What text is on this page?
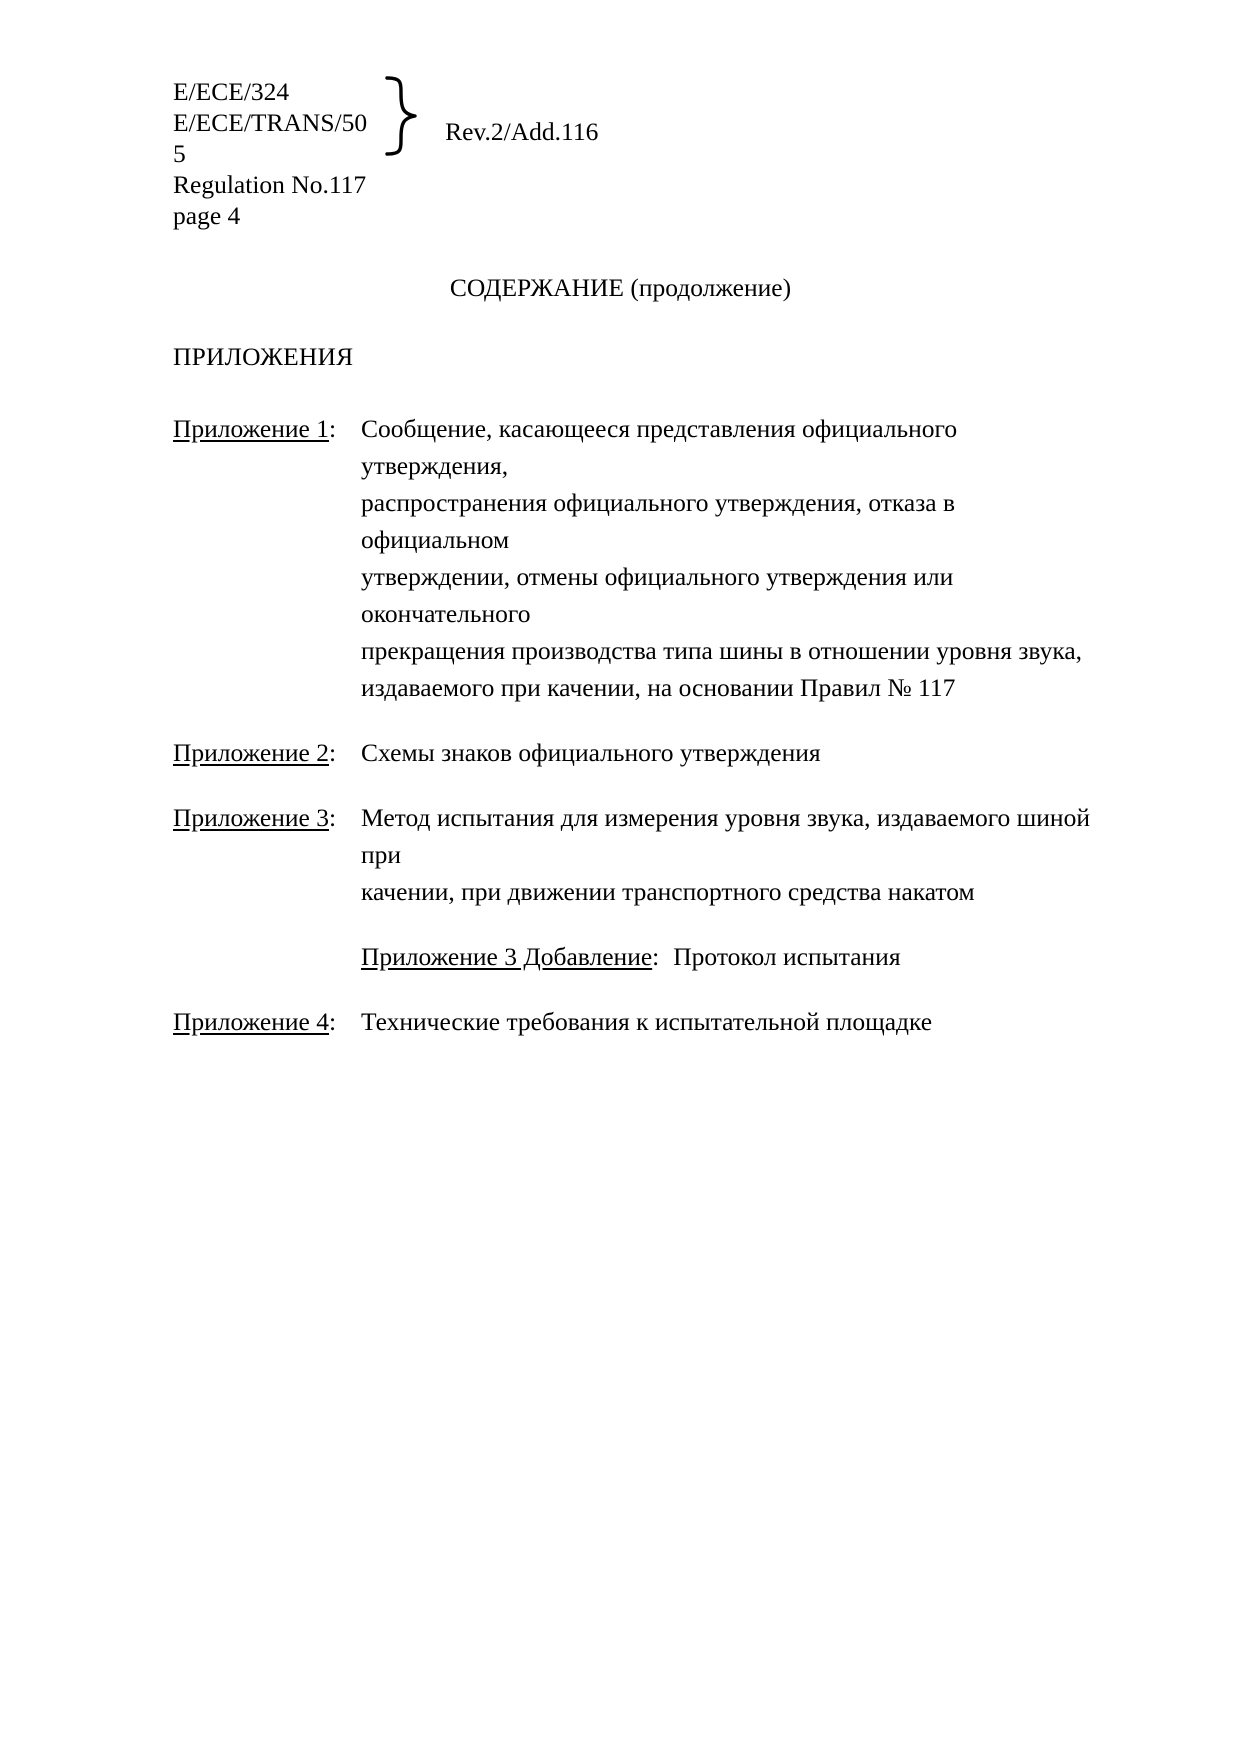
E/ECE/324
E/ECE/TRANS/50
5
Regulation No.117
page 4
Rev.2/Add.116
СОДЕРЖАНИЕ (продолжение)
ПРИЛОЖЕНИЯ
Приложение 1: Сообщение, касающееся представления официального утверждения,

распространения официального утверждения, отказа в официальном

утверждении, отмены официального утверждения или окончательного

прекращения производства типа шины в отношении уровня звука,

издаваемого при качении, на основании Правил № 117

Приложение 2: Схемы знаков официального утверждения

Приложение 3: Метод испытания для измерения уровня звука, издаваемого шиной при

качении, при движении транспортного средства накатом

Приложение 3 Добавление: Протокол испытания
Приложение 4: Технические требования к испытательной площадке
